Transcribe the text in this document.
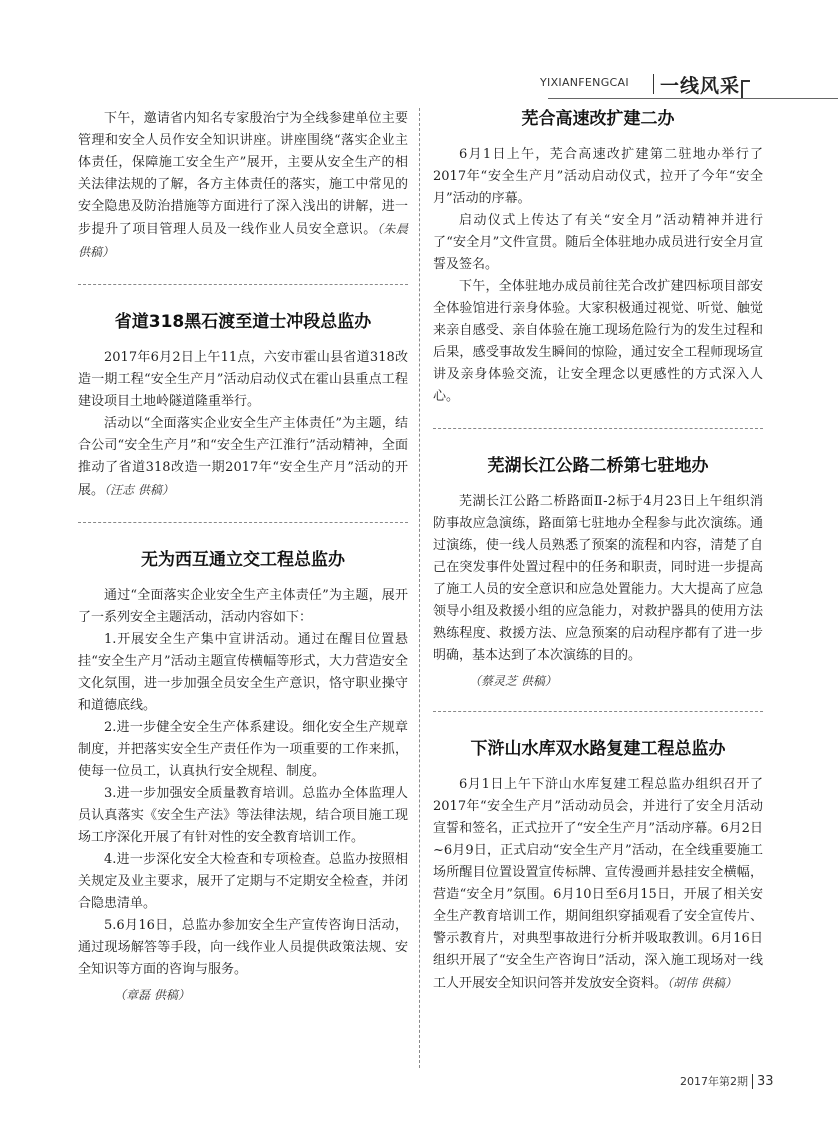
YIXIANFENGCAI 一线风采

下午，邀请省内知名专家殷治宁为全线参建单位主要管理和安全人员作安全知识讲座。讲座围绕“落实企业主体责任，保障施工安全生产”展开，主要从安全生产的相关法律法规的了解，各方主体责任的落实，施工中常见的安全隐患及防治措施等方面进行了深入浅出的讲解，进一步提升了项目管理人员及一线作业人员安全意识。（朱晨 供稿）

省道318黑石渡至道士冲段总监办

2017年6月2日上午11点，六安市霍山县省道318改造一期工程“安全生产月”活动启动仪式在霍山县重点工程建设项目土地岭隧道隆重举行。

活动以“全面落实企业安全生产主体责任”为主题，结合公司“安全生产月”和“安全生产江淮行”活动精神，全面推动了省道318改造一期2017年“安全生产月”活动的开展。（汪志 供稿）

无为西互通立交工程总监办

通过“全面落实企业安全生产主体责任”为主题，展开了一系列安全主题活动，活动内容如下：

1.开展安全生产集中宣讲活动。通过在醒目位置悬挂“安全生产月”活动主题宣传横幅等形式，大力营造安全文化氛围，进一步加强全员安全生产意识，恪守职业操守和道德底线。

2.进一步健全安全生产体系建设。细化安全生产规章制度，并把落实安全生产责任作为一项重要的工作来抓，使每一位员工，认真执行安全规程、制度。

3.进一步加强安全质量教育培训。总监办全体监理人员认真落实《安全生产法》等法律法规，结合项目施工现场工序深化开展了有针对性的安全教育培训工作。

4.进一步深化安全大检查和专项检查。总监办按照相关规定及业主要求，展开了定期与不定期安全检查，并闭合隐患清单。

5.6月16日，总监办参加安全生产宣传咨询日活动，通过现场解答等手段，向一线作业人员提供政策法规、安全知识等方面的咨询与服务。

（章磊 供稿）
芜合高速改扩建二办

6月1日上午，芜合高速改扩建第二驻地办举行了2017年“安全生产月”活动启动仪式，拉开了今年“安全月”活动的序幕。

启动仪式上传达了有关“安全月”活动精神并进行了“安全月”文件宣贯。随后全体驻地办成员进行安全月宣誓及签名。

下午，全体驻地办成员前往芜合改扩建四标项目部安全体验馆进行亲身体验。大家积极通过视觉、听觉、触觉来亲自感受、亲自体验在施工现场危险行为的发生过程和后果，感受事故发生瞬间的惊险，通过安全工程师现场宣讲及亲身体验交流，让安全理念以更感性的方式深入人心。

芜湖长江公路二桥第七驻地办

芜湖长江公路二桥路面Ⅱ-2标于4月23日上午组织消防事故应急演练，路面第七驻地办全程参与此次演练。通过演练，使一线人员熟悉了预案的流程和内容，清楚了自己在突发事件处置过程中的任务和职责，同时进一步提高了施工人员的安全意识和应急处置能力。大大提高了应急领导小组及救援小组的应急能力，对救护器具的使用方法熟练程度、救援方法、应急预案的启动程序都有了进一步明确，基本达到了本次演练的目的。

（蔡灵芝 供稿）
下浒山水库双水路复建工程总监办

6月1日上午下浒山水库复建工程总监办组织召开了2017年“安全生产月”活动动员会，并进行了安全月活动宣誓和签名，正式拉开了“安全生产月”活动序幕。6月2日~6月9日，正式启动“安全生产月”活动，在全线重要施工场所醒目位置设置宣传标牌、宣传漫画并悬挂安全横幅，营造“安全月”氛围。6月10日至6月15日，开展了相关安全生产教育培训工作，期间组织穿插观看了安全宣传片、警示教育片，对典型事故进行分析并吸取教训。6月16日组织开展了“安全生产咨询日”活动，深入施工现场对一线工人开展安全知识问答并发放安全资料。（胡伟 供稿）

2017年第2期 33
